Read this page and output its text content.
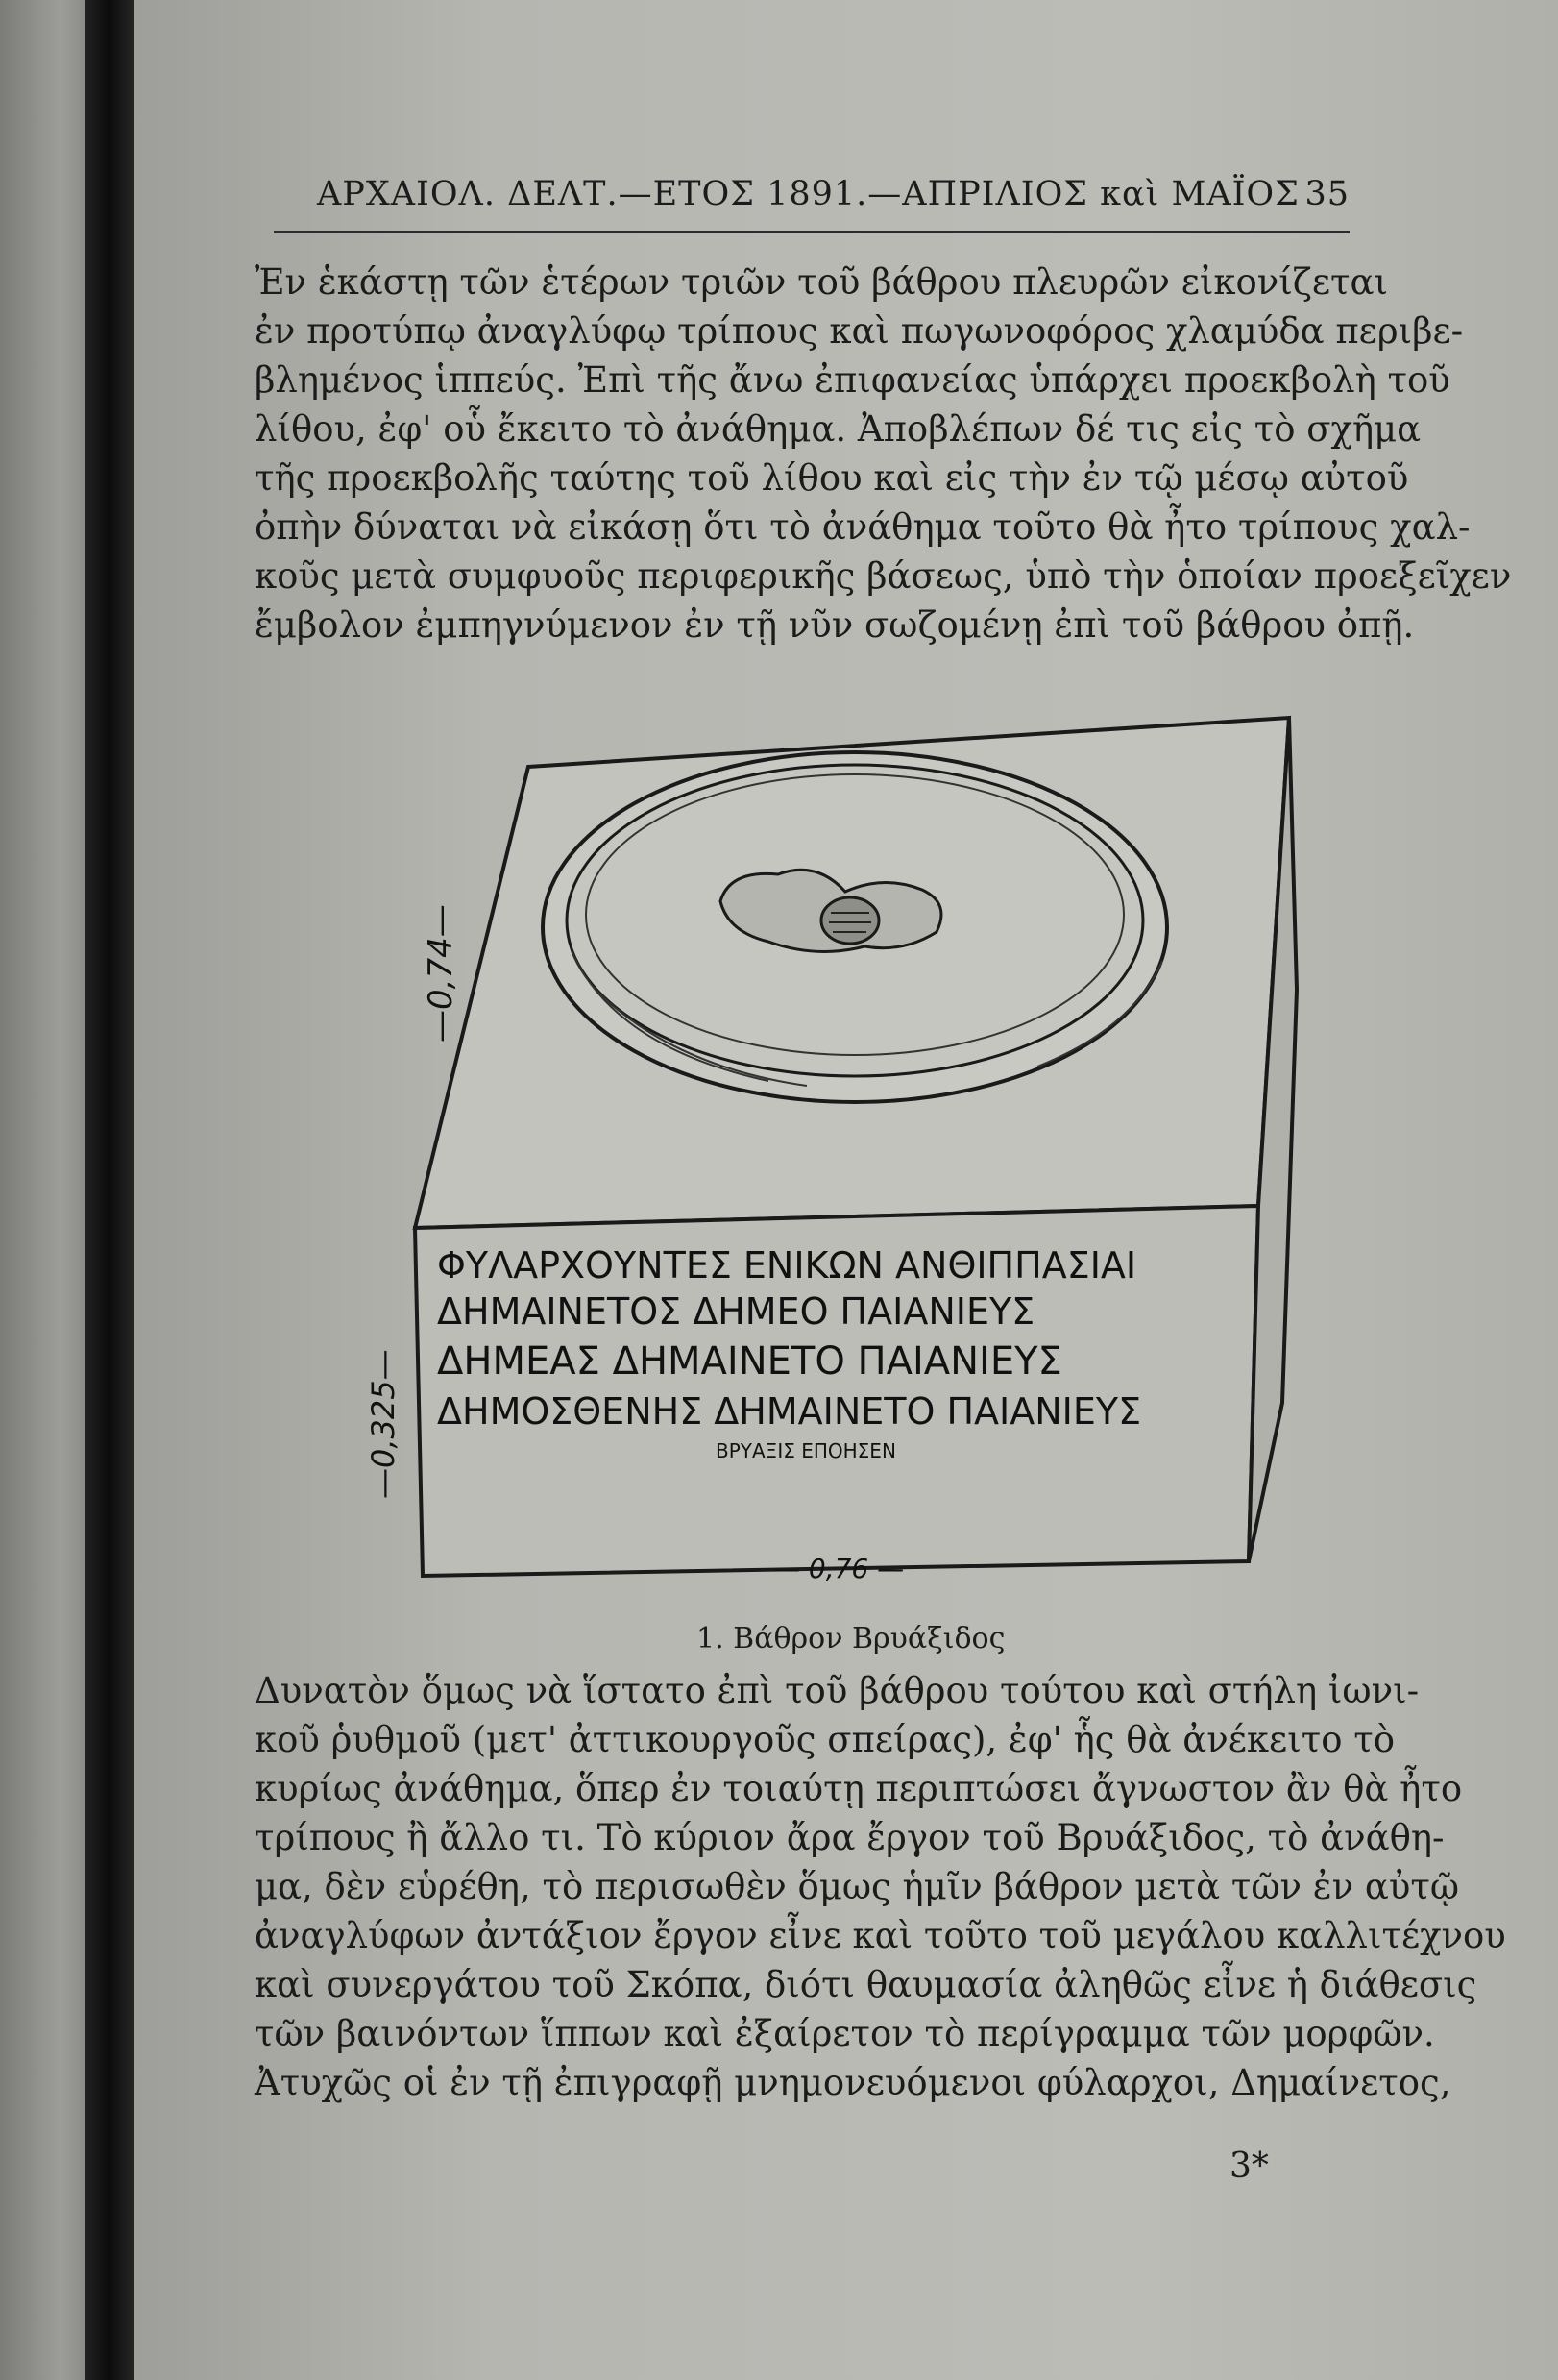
ΑΡΧΑΙΟΛ. ΔΕΛΤ.—ΕΤΟΣ 1891.—ΑΠΡΙΛΙΟΣ καὶ ΜΑΪΟΣ 35
Ἐν ἑκάστῃ τῶν ἑτέρων τριῶν τοῦ βάθρου πλευρῶν εἰκονίζεται
ἐν προτύπῳ ἀναγλύφῳ τρίπους καὶ πωγωνοφόρος χλαμύδα περιβε-
βλημένος ἱππεύς. Ἐπὶ τῆς ἄνω ἐπιφανείας ὑπάρχει προεκβολὴ τοῦ
λίθου, ἐφ' οὗ ἔκειτο τὸ ἀνάθημα. Ἀποβλέπων δέ τις εἰς τὸ σχῆμα
τῆς προεκβολῆς ταύτης τοῦ λίθου καὶ εἰς τὴν ἐν τῷ μέσῳ αὐτοῦ
ὀπὴν δύναται νὰ εἰκάσῃ ὅτι τὸ ἀνάθημα τοῦτο θὰ ἦτο τρίπους χαλ-
κοῦς μετὰ συμφυοῦς περιφερικῆς βάσεως, ὑπὸ τὴν ὁποίαν προεξεῖχεν
ἔμβολον ἐμπηγνύμενον ἐν τῇ νῦν σωζομένῃ ἐπὶ τοῦ βάθρου ὀπῇ.
ΦΥΛΑΡΧΟΥΝΤΕΣ ΕΝΙΚΩΝ ΑΝΘΙΠΠΑΣΙΑΙ
ΔΗΜΑΙΝΕΤΟΣ ΔΗΜΕΟ ΠΑΙΑΝΙΕΥΣ
ΔΗΜΕΑΣ ΔΗΜΑΙΝΕΤΟ ΠΑΙΑΝΙΕΥΣ
ΔΗΜΟΣΘΕΝΗΣ ΔΗΜΑΙΝΕΤΟ ΠΑΙΑΝΙΕΥΣ
ΒΡΥΑΞΙΣ ΕΠΟΗΣΕΝ
—0,74—
—0,325—
— 0,76 —
1. Βάθρον Βρυάξιδος
Δυνατὸν ὅμως νὰ ἵστατο ἐπὶ τοῦ βάθρου τούτου καὶ στήλη ἰωνι-
κοῦ ῥυθμοῦ (μετ' ἀττικουργοῦς σπείρας), ἐφ' ἧς θὰ ἀνέκειτο τὸ
κυρίως ἀνάθημα, ὅπερ ἐν τοιαύτῃ περιπτώσει ἄγνωστον ἂν θὰ ἦτο
τρίπους ἢ ἄλλο τι. Τὸ κύριον ἄρα ἔργον τοῦ Βρυάξιδος, τὸ ἀνάθη-
μα, δὲν εὑρέθη, τὸ περισωθὲν ὅμως ἡμῖν βάθρον μετὰ τῶν ἐν αὐτῷ
ἀναγλύφων ἀντάξιον ἔργον εἶνε καὶ τοῦτο τοῦ μεγάλου καλλιτέχνου
καὶ συνεργάτου τοῦ Σκόπα, διότι θαυμασία ἀληθῶς εἶνε ἡ διάθεσις
τῶν βαινόντων ἵππων καὶ ἐξαίρετον τὸ περίγραμμα τῶν μορφῶν.
Ἀτυχῶς οἱ ἐν τῇ ἐπιγραφῇ μνημονευόμενοι φύλαρχοι, Δημαίνετος,
3*
